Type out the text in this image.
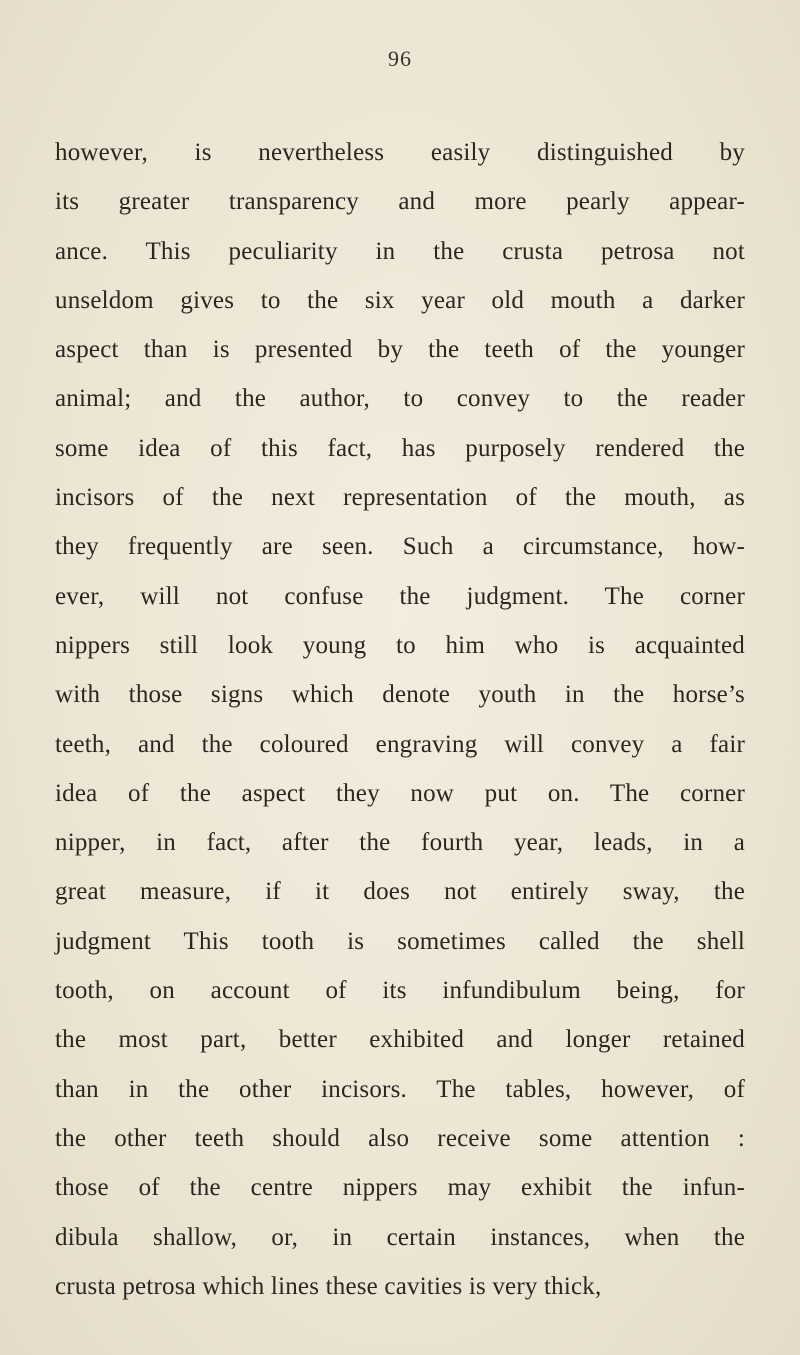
96
however, is nevertheless easily distinguished by
its greater transparency and more pearly appear-
ance. This peculiarity in the crusta petrosa not
unseldom gives to the six year old mouth a darker
aspect than is presented by the teeth of the younger
animal; and the author, to convey to the reader
some idea of this fact, has purposely rendered the
incisors of the next representation of the mouth, as
they frequently are seen. Such a circumstance, how-
ever, will not confuse the judgment. The corner
nippers still look young to him who is acquainted
with those signs which denote youth in the horse’s
teeth, and the coloured engraving will convey a fair
idea of the aspect they now put on. The corner
nipper, in fact, after the fourth year, leads, in a
great measure, if it does not entirely sway, the
judgment This tooth is sometimes called the shell
tooth, on account of its infundibulum being, for
the most part, better exhibited and longer retained
than in the other incisors. The tables, however, of
the other teeth should also receive some attention :
those of the centre nippers may exhibit the infun-
dibula shallow, or, in certain instances, when the
crusta petrosa which lines these cavities is very thick,
